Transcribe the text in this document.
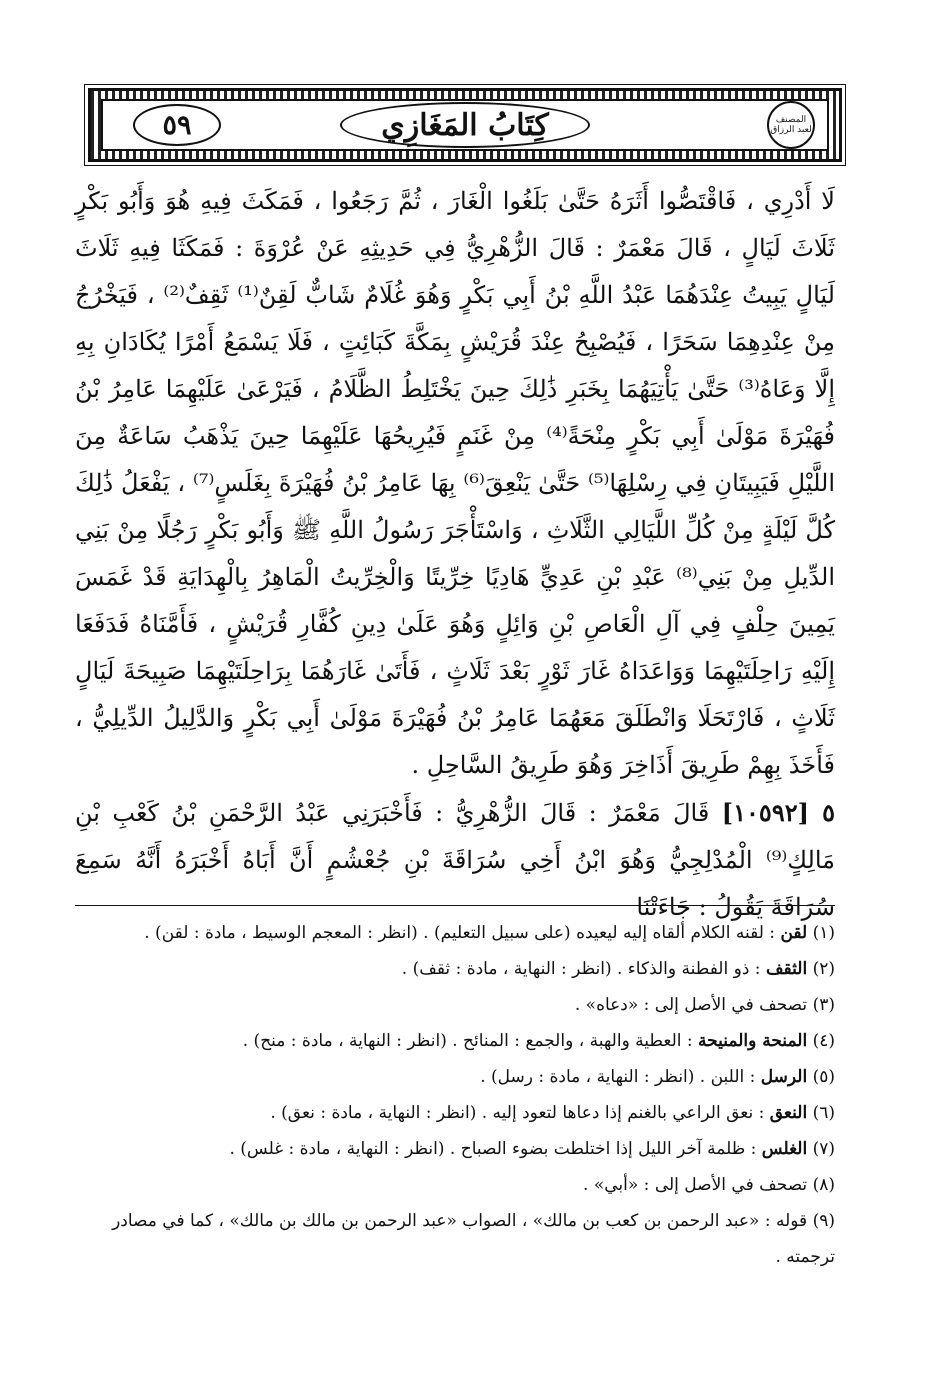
المصنف لعبد الرزاق
كِتَابُ المَغَازِي
٥٩

لَا أَدْرِي ، فَاقْتَصُّوا أَثَرَهُ حَتَّىٰ بَلَغُوا الْغَارَ ، ثُمَّ رَجَعُوا ، فَمَكَثَ فِيهِ هُوَ وَأَبُو بَكْرٍ ثَلَاثَ لَيَالٍ ، قَالَ مَعْمَرٌ : قَالَ الزُّهْرِيُّ فِي حَدِيثِهِ عَنْ عُرْوَةَ : فَمَكَثَا فِيهِ ثَلَاثَ لَيَالٍ يَبِيتُ عِنْدَهُمَا عَبْدُ اللَّهِ بْنُ أَبِي بَكْرٍ وَهُوَ غُلَامٌ شَابٌّ لَقِنٌ⁽¹⁾ ثَقِفٌ⁽²⁾ ، فَيَخْرُجُ مِنْ عِنْدِهِمَا سَحَرًا ، فَيُصْبِحُ عِنْدَ قُرَيْشٍ بِمَكَّةَ كَبَائِتٍ ، فَلَا يَسْمَعُ أَمْرًا يُكَادَانِ بِهِ إِلَّا وَعَاهُ⁽³⁾ حَتَّىٰ يَأْتِيَهُمَا بِخَبَرِ ذَٰلِكَ حِينَ يَخْتَلِطُ الظَّلَامُ ، فَيَرْعَىٰ عَلَيْهِمَا عَامِرُ بْنُ فُهَيْرَةَ مَوْلَىٰ أَبِي بَكْرٍ مِنْحَةً⁽⁴⁾ مِنْ غَنَمٍ فَيُرِيحُهَا عَلَيْهِمَا حِينَ يَذْهَبُ سَاعَةٌ مِنَ اللَّيْلِ فَيَبِيتَانِ فِي رِسْلِهَا⁽⁵⁾ حَتَّىٰ يَنْعِقَ⁽⁶⁾ بِهَا عَامِرُ بْنُ فُهَيْرَةَ بِغَلَسٍ⁽⁷⁾ ، يَفْعَلُ ذَٰلِكَ كُلَّ لَيْلَةٍ مِنْ كُلِّ اللَّيَالِي الثَّلَاثِ ، وَاسْتَأْجَرَ رَسُولُ اللَّهِ ﷺ وَأَبُو بَكْرٍ رَجُلًا مِنْ بَنِي الدِّيلِ مِنْ بَنِي⁽⁸⁾ عَبْدِ بْنِ عَدِيٍّ هَادِيًا خِرِّيتًا وَالْخِرِّيتُ الْمَاهِرُ بِالْهِدَايَةِ قَدْ غَمَسَ يَمِينَ حِلْفٍ فِي آلِ الْعَاصِ بْنِ وَائِلٍ وَهُوَ عَلَىٰ دِينِ كُفَّارِ قُرَيْشٍ ، فَأَمَّنَاهُ فَدَفَعَا إِلَيْهِ رَاحِلَتَيْهِمَا وَوَاعَدَاهُ غَارَ ثَوْرٍ بَعْدَ ثَلَاثٍ ، فَأَتَىٰ غَارَهُمَا بِرَاحِلَتَيْهِمَا صَبِيحَةَ لَيَالٍ ثَلَاثٍ ، فَارْتَحَلَا وَانْطَلَقَ مَعَهُمَا عَامِرُ بْنُ فُهَيْرَةَ مَوْلَىٰ أَبِي بَكْرٍ وَالدَّلِيلُ الدِّيلِيُّ ، فَأَخَذَ بِهِمْ طَرِيقَ أَذَاخِرَ وَهُوَ طَرِيقُ السَّاحِلِ .

٥ [١٠٥٩٢] قَالَ مَعْمَرٌ : قَالَ الزُّهْرِيُّ : فَأَخْبَرَنِي عَبْدُ الرَّحْمَنِ بْنُ كَعْبِ بْنِ مَالِكٍ⁽⁹⁾ الْمُدْلِجِيُّ وَهُوَ ابْنُ أَخِي سُرَاقَةَ بْنِ جُعْشُمٍ أَنَّ أَبَاهُ أَخْبَرَهُ أَنَّهُ سَمِعَ سُرَاقَةَ يَقُولُ : جَاءَتْنَا

(١) لقن : لقنه الكلام ألقاه إليه ليعيده (على سبيل التعليم) . (انظر : المعجم الوسيط ، مادة : لقن) .

(٢) الثقف : ذو الفطنة والذكاء . (انظر : النهاية ، مادة : ثقف) .

(٣) تصحف في الأصل إلى : «دعاه» .

(٤) المنحة والمنيحة : العطية والهبة ، والجمع : المنائح . (انظر : النهاية ، مادة : منح) .

(٥) الرسل : اللبن . (انظر : النهاية ، مادة : رسل) .

(٦) النعق : نعق الراعي بالغنم إذا دعاها لتعود إليه . (انظر : النهاية ، مادة : نعق) .

(٧) الغلس : ظلمة آخر الليل إذا اختلطت بضوء الصباح . (انظر : النهاية ، مادة : غلس) .

(٨) تصحف في الأصل إلى : «أبي» .

(٩) قوله : «عبد الرحمن بن كعب بن مالك» ، الصواب «عبد الرحمن بن مالك بن مالك» ، كما في مصادر

ترجمته .
